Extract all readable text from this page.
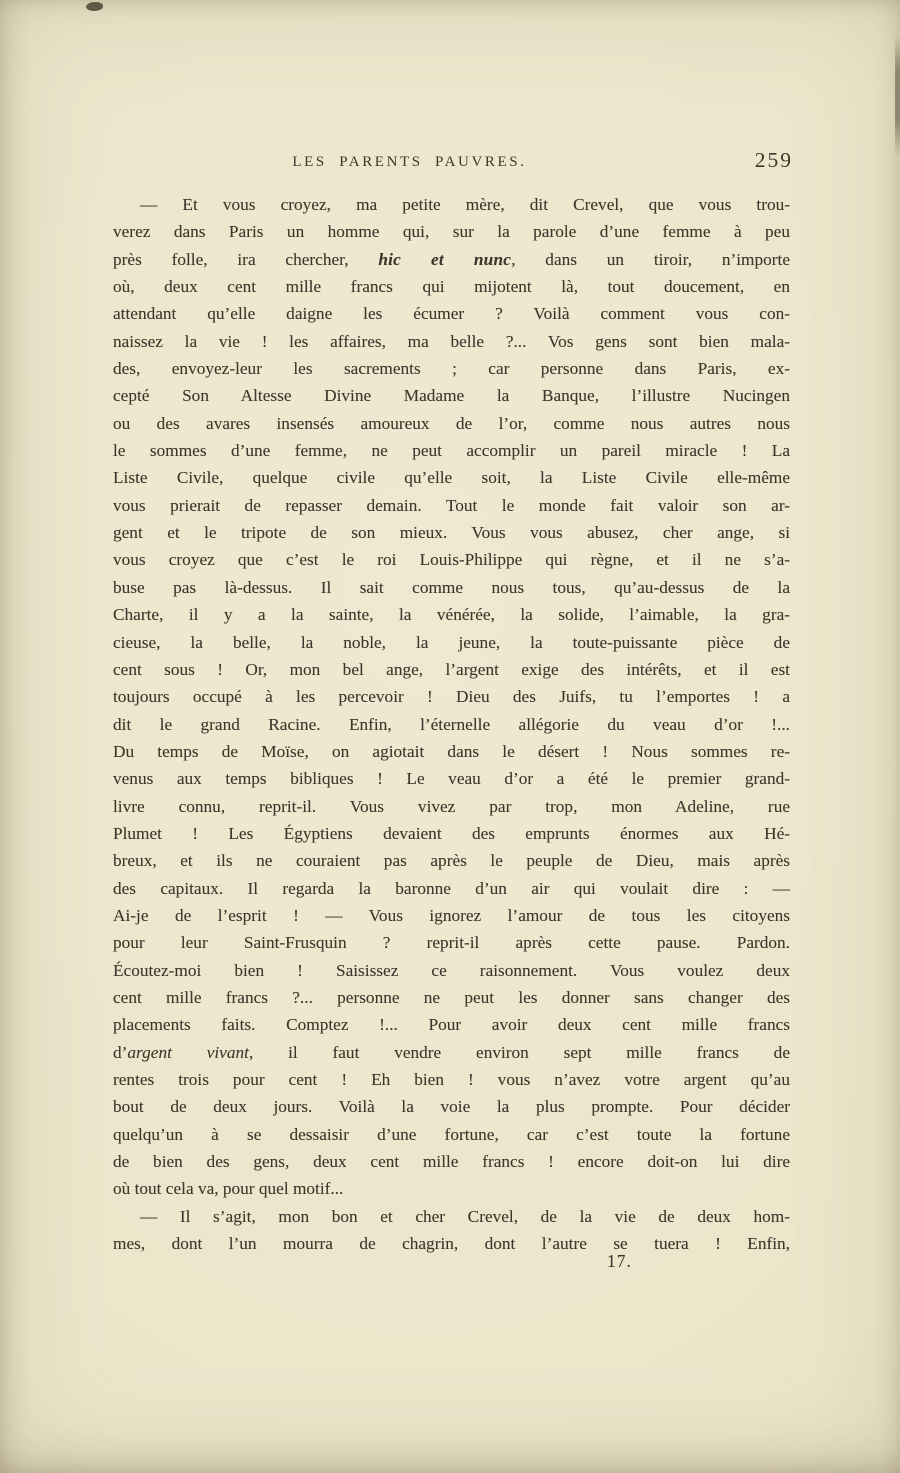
LES PARENTS PAUVRES.	259
— Et vous croyez, ma petite mère, dit Crevel, que vous trou-
verez dans Paris un homme qui, sur la parole d’une femme à peu
près folle, ira chercher, hic et nunc, dans un tiroir, n’importe
où, deux cent mille francs qui mijotent là, tout doucement, en
attendant qu’elle daigne les écumer ? Voilà comment vous con-
naissez la vie ! les affaires, ma belle ?... Vos gens sont bien mala-
des, envoyez-leur les sacrements ; car personne dans Paris, ex-
cepté Son Altesse Divine Madame la Banque, l’illustre Nucingen
ou des avares insensés amoureux de l’or, comme nous autres nous
le sommes d’une femme, ne peut accomplir un pareil miracle ! La
Liste Civile, quelque civile qu’elle soit, la Liste Civile elle-même
vous prierait de repasser demain. Tout le monde fait valoir son ar-
gent et le tripote de son mieux. Vous vous abusez, cher ange, si
vous croyez que c’est le roi Louis-Philippe qui règne, et il ne s’a-
buse pas là-dessus. Il sait comme nous tous, qu’au-dessus de la
Charte, il y a la sainte, la vénérée, la solide, l’aimable, la gra-
cieuse, la belle, la noble, la jeune, la toute-puissante pièce de
cent sous ! Or, mon bel ange, l’argent exige des intérêts, et il est
toujours occupé à les percevoir ! Dieu des Juifs, tu l’emportes ! a
dit le grand Racine. Enfin, l’éternelle allégorie du veau d’or !...
Du temps de Moïse, on agiotait dans le désert ! Nous sommes re-
venus aux temps bibliques ! Le veau d’or a été le premier grand-
livre connu, reprit-il. Vous vivez par trop, mon Adeline, rue
Plumet ! Les Égyptiens devaient des emprunts énormes aux Hé-
breux, et ils ne couraient pas après le peuple de Dieu, mais après
des capitaux. Il regarda la baronne d’un air qui voulait dire : —
Ai-je de l’esprit ! — Vous ignorez l’amour de tous les citoyens
pour leur Saint-Frusquin ? reprit-il après cette pause. Pardon.
Écoutez-moi bien ! Saisissez ce raisonnement. Vous voulez deux
cent mille francs ?... personne ne peut les donner sans changer des
placements faits. Comptez !... Pour avoir deux cent mille francs
d’argent vivant, il faut vendre environ sept mille francs de
rentes trois pour cent ! Eh bien ! vous n’avez votre argent qu’au
bout de deux jours. Voilà la voie la plus prompte. Pour décider
quelqu’un à se dessaisir d’une fortune, car c’est toute la fortune
de bien des gens, deux cent mille francs ! encore doit-on lui dire
où tout cela va, pour quel motif...
— Il s’agit, mon bon et cher Crevel, de la vie de deux hom-
mes, dont l’un mourra de chagrin, dont l’autre se tuera ! Enfin,
17.
